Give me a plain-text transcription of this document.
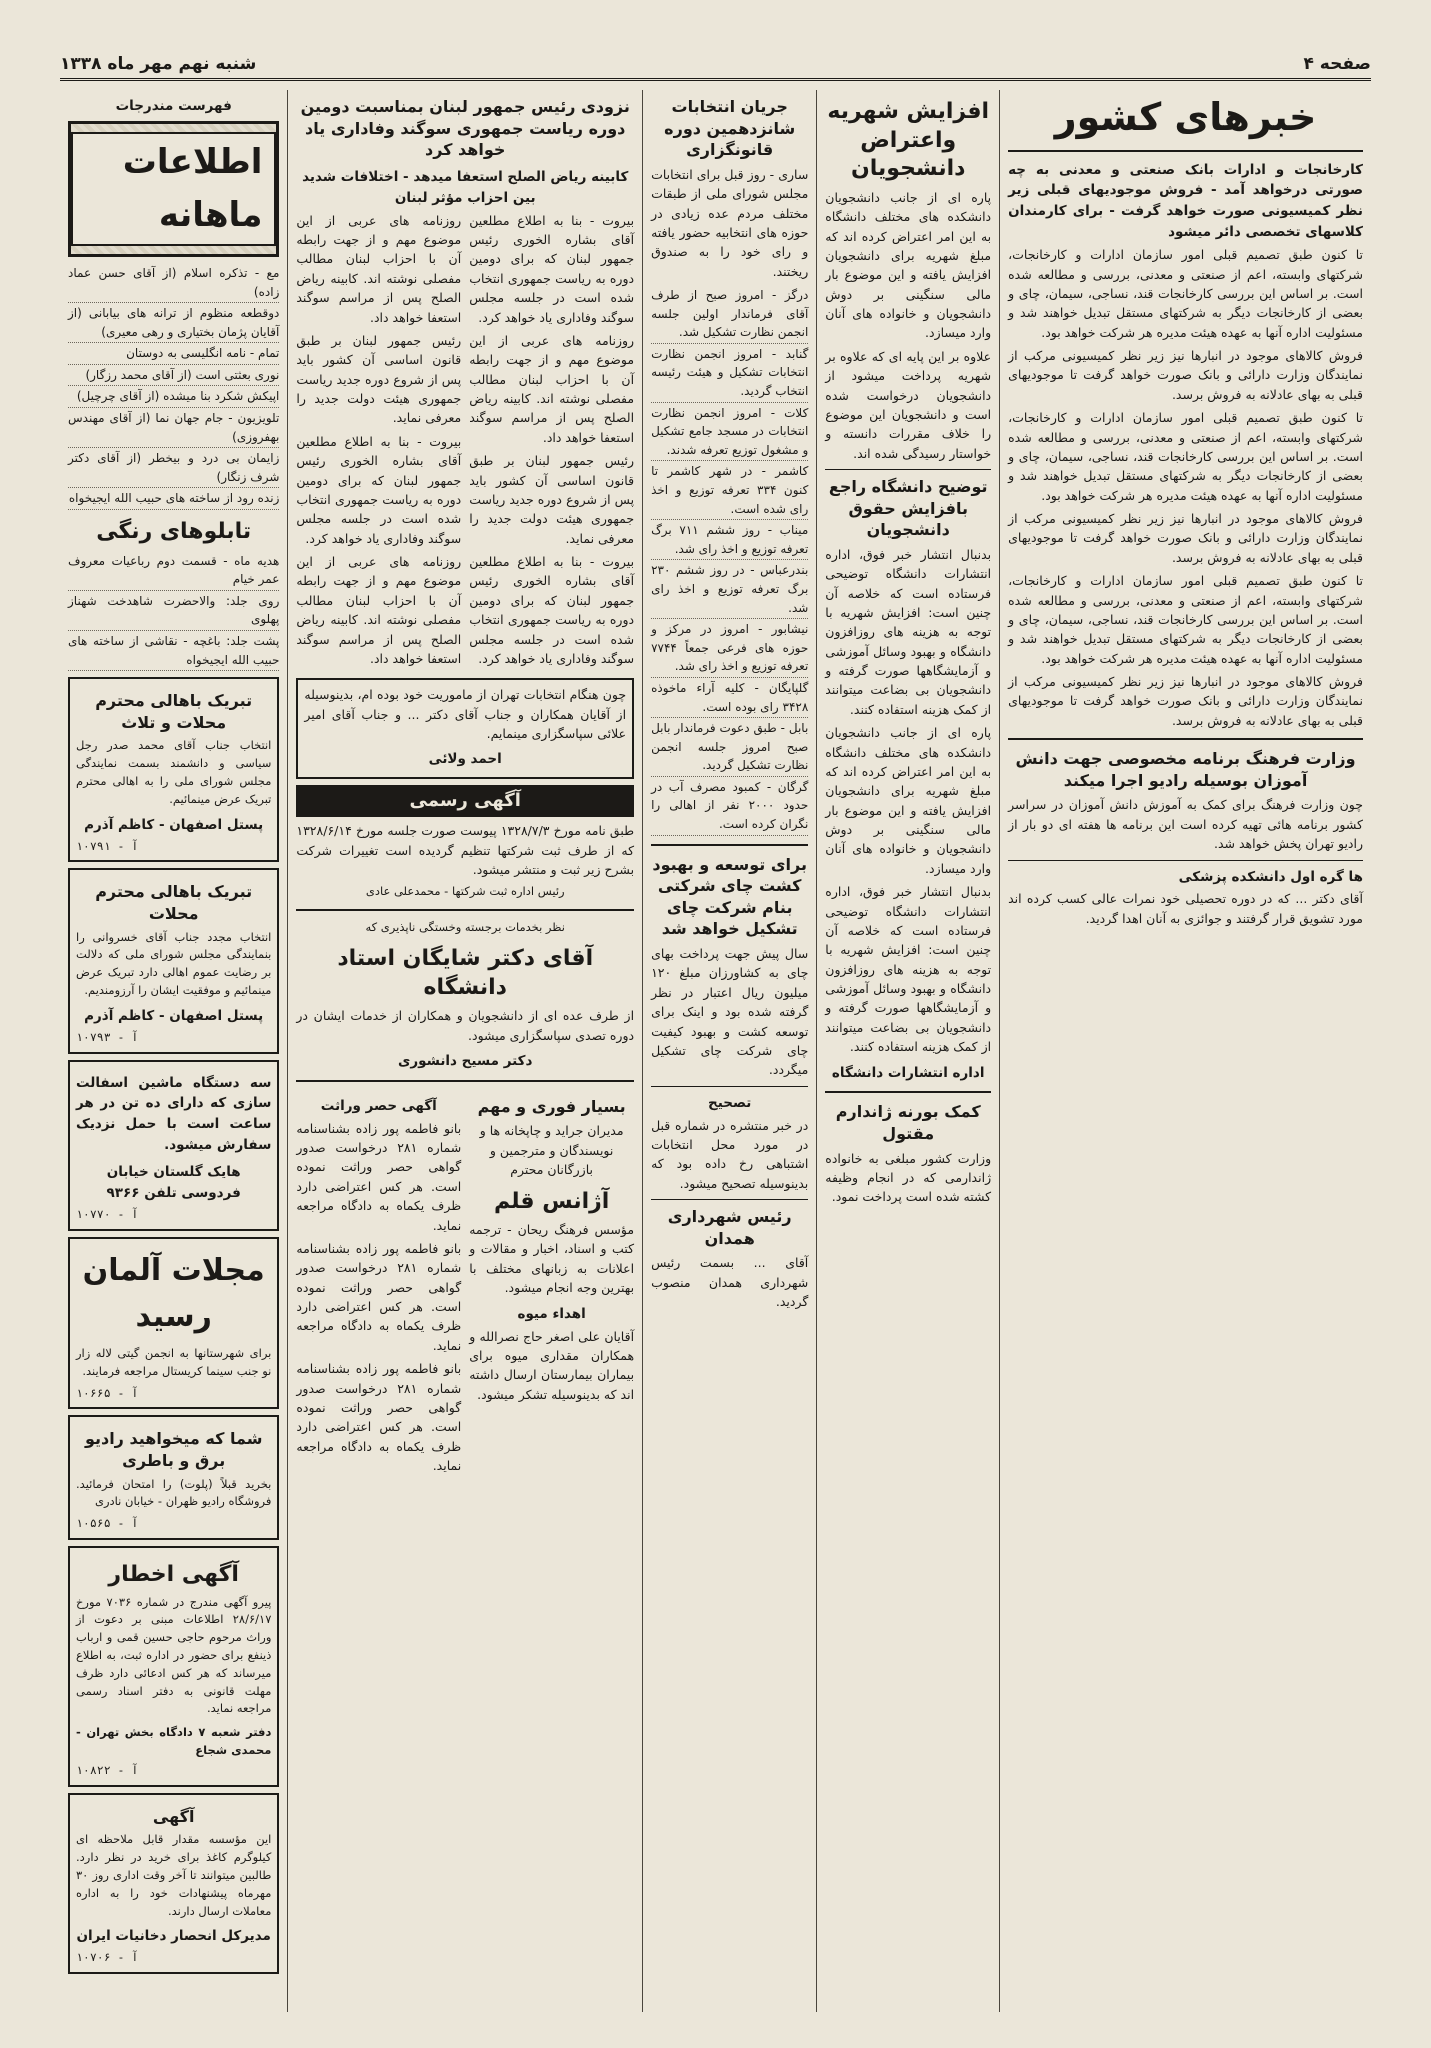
صفحه ۴
شنبه نهم مهر ماه ۱۳۳۸
خبرهای کشور
کارخانجات و ادارات بانک صنعتی و معدنی به چه صورتی درخواهد آمد - فروش موجودیهای قبلی زیر نظر کمیسیونی صورت خواهد گرفت - برای کارمندان کلاسهای تخصصی دائر میشود

تا کنون طبق تصمیم قبلی امور سازمان ادارات و کارخانجات، شرکتهای وابسته، اعم از صنعتی و معدنی، بررسی و مطالعه شده است. بر اساس این بررسی کارخانجات قند، نساجی، سیمان، چای و بعضی از کارخانجات دیگر به شرکتهای مستقل تبدیل خواهند شد و مسئولیت اداره آنها به عهده هیئت مدیره هر شرکت خواهد بود.

فروش کالاهای موجود در انبارها نیز زیر نظر کمیسیونی مرکب از نمایندگان وزارت دارائی و بانک صورت خواهد گرفت تا موجودیهای قبلی به بهای عادلانه به فروش برسد.

تا کنون طبق تصمیم قبلی امور سازمان ادارات و کارخانجات، شرکتهای وابسته، اعم از صنعتی و معدنی، بررسی و مطالعه شده است. بر اساس این بررسی کارخانجات قند، نساجی، سیمان، چای و بعضی از کارخانجات دیگر به شرکتهای مستقل تبدیل خواهند شد و مسئولیت اداره آنها به عهده هیئت مدیره هر شرکت خواهد بود.

فروش کالاهای موجود در انبارها نیز زیر نظر کمیسیونی مرکب از نمایندگان وزارت دارائی و بانک صورت خواهد گرفت تا موجودیهای قبلی به بهای عادلانه به فروش برسد.

تا کنون طبق تصمیم قبلی امور سازمان ادارات و کارخانجات، شرکتهای وابسته، اعم از صنعتی و معدنی، بررسی و مطالعه شده است. بر اساس این بررسی کارخانجات قند، نساجی، سیمان، چای و بعضی از کارخانجات دیگر به شرکتهای مستقل تبدیل خواهند شد و مسئولیت اداره آنها به عهده هیئت مدیره هر شرکت خواهد بود.

فروش کالاهای موجود در انبارها نیز زیر نظر کمیسیونی مرکب از نمایندگان وزارت دارائی و بانک صورت خواهد گرفت تا موجودیهای قبلی به بهای عادلانه به فروش برسد.

وزارت فرهنگ برنامه مخصوصی جهت دانش آموزان بوسیله رادیو اجرا میکند

چون وزارت فرهنگ برای کمک به آموزش دانش آموزان در سراسر کشور برنامه هائی تهیه کرده است این برنامه ها هفته ای دو بار از رادیو تهران پخش خواهد شد.

ها گره اول دانشکده پزشکی

آقای دکتر ... که در دوره تحصیلی خود نمرات عالی کسب کرده اند مورد تشویق قرار گرفتند و جوائزی به آنان اهدا گردید.

افزایش شهریه واعتراض دانشجویان

پاره ای از جانب دانشجویان دانشکده های مختلف دانشگاه به این امر اعتراض کرده اند که مبلغ شهریه برای دانشجویان افزایش یافته و این موضوع بار مالی سنگینی بر دوش دانشجویان و خانواده های آنان وارد میسازد.

علاوه بر این پایه ای که علاوه بر شهریه پرداخت میشود از دانشجویان درخواست شده است و دانشجویان این موضوع را خلاف مقررات دانسته و خواستار رسیدگی شده اند.

توضیح دانشگاه راجع بافزایش حقوق دانشجویان

بدنبال انتشار خبر فوق، اداره انتشارات دانشگاه توضیحی فرستاده است که خلاصه آن چنین است: افزایش شهریه با توجه به هزینه های روزافزون دانشگاه و بهبود وسائل آموزشی و آزمایشگاهها صورت گرفته و دانشجویان بی بضاعت میتوانند از کمک هزینه استفاده کنند.

پاره ای از جانب دانشجویان دانشکده های مختلف دانشگاه به این امر اعتراض کرده اند که مبلغ شهریه برای دانشجویان افزایش یافته و این موضوع بار مالی سنگینی بر دوش دانشجویان و خانواده های آنان وارد میسازد.

بدنبال انتشار خبر فوق، اداره انتشارات دانشگاه توضیحی فرستاده است که خلاصه آن چنین است: افزایش شهریه با توجه به هزینه های روزافزون دانشگاه و بهبود وسائل آموزشی و آزمایشگاهها صورت گرفته و دانشجویان بی بضاعت میتوانند از کمک هزینه استفاده کنند.

اداره انتشارات دانشگاه

کمک بورنه ژاندارم مقتول

وزارت کشور مبلغی به خانواده ژاندارمی که در انجام وظیفه کشته شده است پرداخت نمود.

جریان انتخابات شانزدهمین دوره قانونگزاری

ساری - روز قبل برای انتخابات مجلس شورای ملی از طبقات مختلف مردم عده زیادی در حوزه های انتخابیه حضور یافته و رای خود را به صندوق ریختند.

درگز - امروز صبح از طرف آقای فرماندار اولین جلسه انجمن نظارت تشکیل شد.
گنابد - امروز انجمن نظارت انتخابات تشکیل و هیئت رئیسه انتخاب گردید.
کلات - امروز انجمن نظارت انتخابات در مسجد جامع تشکیل و مشغول توزیع تعرفه شدند.
کاشمر - در شهر کاشمر تا کنون ۳۳۴ تعرفه توزیع و اخذ رای شده است.
میناب - روز ششم ۷۱۱ برگ تعرفه توزیع و اخذ رای شد.
بندرعباس - در روز ششم ۲۳۰ برگ تعرفه توزیع و اخذ رای شد.
نیشابور - امروز در مرکز و حوزه های فرعی جمعاً ۷۷۴۴ تعرفه توزیع و اخذ رای شد.
گلپایگان - کلیه آراء ماخوذه ۳۴۲۸ رای بوده است.
بابل - طبق دعوت فرماندار بابل صبح امروز جلسه انجمن نظارت تشکیل گردید.
گرگان - کمبود مصرف آب در حدود ۲۰۰۰ نفر از اهالی را نگران کرده است.
برای توسعه و بهبود کشت چای شرکتی بنام شرکت چای تشکیل خواهد شد

سال پیش جهت پرداخت بهای چای به کشاورزان مبلغ ۱۲۰ میلیون ریال اعتبار در نظر گرفته شده بود و اینک برای توسعه کشت و بهبود کیفیت چای شرکت چای تشکیل میگردد.

تصحیح

در خبر منتشره در شماره قبل در مورد محل انتخابات اشتباهی رخ داده بود که بدینوسیله تصحیح میشود.

رئیس شهرداری همدان

آقای ... بسمت رئیس شهرداری همدان منصوب گردید.

نزودی رئیس جمهور لبنان بمناسبت دومین دوره ریاست جمهوری سوگند وفاداری یاد خواهد کرد
کابینه ریاض الصلح استعفا میدهد - اختلافات شدید بین احزاب مؤثر لبنان

بیروت - بنا به اطلاع مطلعین آقای بشاره الخوری رئیس جمهور لبنان که برای دومین دوره به ریاست جمهوری انتخاب شده است در جلسه مجلس سوگند وفاداری یاد خواهد کرد.

روزنامه های عربی از این موضوع مهم و از جهت رابطه آن با احزاب لبنان مطالب مفصلی نوشته اند. کابینه ریاض الصلح پس از مراسم سوگند استعفا خواهد داد.

رئیس جمهور لبنان بر طبق قانون اساسی آن کشور باید پس از شروع دوره جدید ریاست جمهوری هیئت دولت جدید را معرفی نماید.

بیروت - بنا به اطلاع مطلعین آقای بشاره الخوری رئیس جمهور لبنان که برای دومین دوره به ریاست جمهوری انتخاب شده است در جلسه مجلس سوگند وفاداری یاد خواهد کرد.

روزنامه های عربی از این موضوع مهم و از جهت رابطه آن با احزاب لبنان مطالب مفصلی نوشته اند. کابینه ریاض الصلح پس از مراسم سوگند استعفا خواهد داد.

رئیس جمهور لبنان بر طبق قانون اساسی آن کشور باید پس از شروع دوره جدید ریاست جمهوری هیئت دولت جدید را معرفی نماید.

بیروت - بنا به اطلاع مطلعین آقای بشاره الخوری رئیس جمهور لبنان که برای دومین دوره به ریاست جمهوری انتخاب شده است در جلسه مجلس سوگند وفاداری یاد خواهد کرد.

روزنامه های عربی از این موضوع مهم و از جهت رابطه آن با احزاب لبنان مطالب مفصلی نوشته اند. کابینه ریاض الصلح پس از مراسم سوگند استعفا خواهد داد.

چون هنگام انتخابات تهران از ماموریت خود بوده ام، بدینوسیله از آقایان همکاران و جناب آقای دکتر ... و جناب آقای امیر علائی سپاسگزاری مینمایم.

احمد ولائی

آگهی رسمی

طبق نامه مورخ ۱۳۲۸/۷/۳ پیوست صورت جلسه مورخ ۱۳۲۸/۶/۱۴ که از طرف ثبت شرکتها تنظیم گردیده است تغییرات شرکت بشرح زیر ثبت و منتشر میشود.

رئیس اداره ثبت شرکتها - محمدعلی عادی

نظر بخدمات برجسته وخستگی ناپذیری که

آقای دکتر شایگان استاد دانشگاه

از طرف عده ای از دانشجویان و همکاران از خدمات ایشان در دوره تصدی سپاسگزاری میشود.

دکتر مسیح دانشوری

بسیار فوری و مهم

مدیران جراید و چاپخانه ها و نویسندگان و مترجمین و بازرگانان محترم

آژانس قلم

مؤسس فرهنگ ریحان - ترجمه کتب و اسناد، اخبار و مقالات و اعلانات به زبانهای مختلف با بهترین وجه انجام میشود.

اهداء میوه

آقایان علی اصغر حاج نصرالله و همکاران مقداری میوه برای بیماران بیمارستان ارسال داشته اند که بدینوسیله تشکر میشود.

آگهی حصر وراثت

بانو فاطمه پور زاده بشناسنامه شماره ۲۸۱ درخواست صدور گواهی حصر وراثت نموده است. هر کس اعتراضی دارد ظرف یکماه به دادگاه مراجعه نماید.

بانو فاطمه پور زاده بشناسنامه شماره ۲۸۱ درخواست صدور گواهی حصر وراثت نموده است. هر کس اعتراضی دارد ظرف یکماه به دادگاه مراجعه نماید.

بانو فاطمه پور زاده بشناسنامه شماره ۲۸۱ درخواست صدور گواهی حصر وراثت نموده است. هر کس اعتراضی دارد ظرف یکماه به دادگاه مراجعه نماید.

فهرست مندرجات
اطلاعات ماهانه
مع - تذکره اسلام (از آقای حسن عماد زاده)
دوقطعه منظوم از ترانه های بیابانی (از آقایان پژمان بختیاری و رهی معیری)
تمام - نامه انگلیسی به دوستان
نوری بعثتی است (از آقای محمد رزگار)
اپیکش شکرد بنا میشده (از آقای چرچیل)
تلویزیون - جام جهان نما (از آقای مهندس بهفروزی)
زایمان بی درد و بیخطر (از آقای دکتر شرف زنگار)
زنده رود از ساخته های حبیب الله ایجیخواه
تابلوهای رنگی
هدیه ماه - قسمت دوم رباعیات معروف عمر خیام
روی جلد: والاحضرت شاهدخت شهناز پهلوی
پشت جلد: باغچه - نقاشی از ساخته های حبیب الله ایجیخواه
تبریک باهالی محترم محلات و تلاث

انتخاب جناب آقای محمد صدر رجل سیاسی و دانشمند بسمت نمایندگی مجلس شورای ملی را به اهالی محترم تبریک عرض مینمائیم.

پستل اصفهان - کاظم آذرم

آ - ۱۰۷۹۱
تبریک باهالی محترم محلات

انتخاب مجدد جناب آقای خسروانی را بنمایندگی مجلس شورای ملی که دلالت بر رضایت عموم اهالی دارد تبریک عرض مینمائیم و موفقیت ایشان را آرزومندیم.

پستل اصفهان - کاظم آذرم

آ - ۱۰۷۹۳

سه دستگاه ماشین اسفالت سازی که دارای ده تن در هر ساعت است با حمل نزدیک سفارش میشود.

هایک گلستان خیابان فردوسی تلفن ۹۳۶۶

آ - ۱۰۷۷۰
مجلات آلمان رسید

برای شهرستانها به انجمن گیتی لاله زار نو جنب سینما کریستال مراجعه فرمایند.

آ - ۱۰۶۶۵
شما که میخواهید رادیو برق و باطری

بخرید قبلاً (پلوت) را امتحان فرمائید. فروشگاه رادیو ظهران - خیابان نادری

آ - ۱۰۵۶۵
آگهی اخطار

پیرو آگهی مندرج در شماره ۷۰۳۶ مورخ ۲۸/۶/۱۷ اطلاعات مبنی بر دعوت از وراث مرحوم حاجی حسین قمی و ارباب ذینفع برای حضور در اداره ثبت، به اطلاع میرساند که هر کس ادعائی دارد ظرف مهلت قانونی به دفتر اسناد رسمی مراجعه نماید.

دفتر شعبه ۷ دادگاه بخش تهران - محمدی شجاع

آ - ۱۰۸۲۲
آگهی

این مؤسسه مقدار قابل ملاحظه ای کیلوگرم کاغذ برای خرید در نظر دارد. طالبین میتوانند تا آخر وقت اداری روز ۳۰ مهرماه پیشنهادات خود را به اداره معاملات ارسال دارند.

مدیرکل انحصار دخانیات ایران

آ - ۱۰۷۰۶
